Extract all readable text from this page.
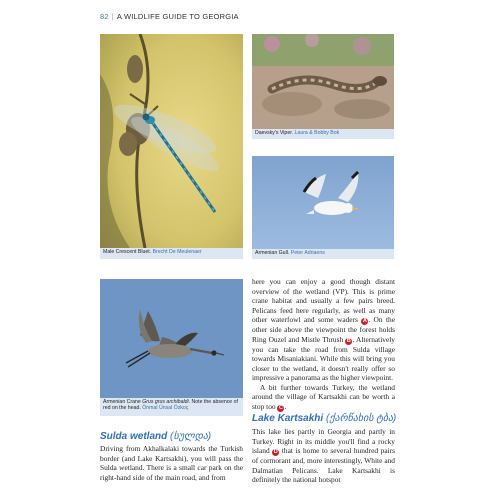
82 | A WILDLIFE GUIDE TO GEORGIA
Male Crescent Bluet. Brecht De Meulenaer
Daevsky's Viper. Laura & Bobby Bok
Armenian Gull. Peter Adriaens
Armenian Crane Grus grus archibaldi. Note the absence of red on the head. Önmal Ünsal Özkoç

here you can enjoy a good though distant overview of the wetland (VP). This is prime crane habitat and usually a few pairs breed. Pelicans feed here regularly, as well as many other waterfowl and some waders A . On the other side above the viewpoint the forest holds Ring Ouzel and Mistle Thrush B . Alternatively you can take the road from Sulda village towards Misaniakiani. While this will bring you closer to the wetland, it doesn't really offer so impressive a panorama as the higher viewpoint.

A bit further towards Turkey, the wetland around the village of Kartsakhi can be worth a stop too C .

Lake Kartsakhi (ქარწახის ტბა)

This lake lies partly in Georgia and partly in Turkey. Right in its middle you'll find a rocky island D that is home to several hundred pairs of cormorant and, more interestingly, White and Dalmatian Pelicans. Lake Kartsakhi is definitely the national hotspot

Sulda wetland (სულდა)

Driving from Akhalkalaki towards the Turkish border (and Lake Kartsakhi), you will pass the Sulda wetland. There is a small car park on the right-hand side of the main road, and from
